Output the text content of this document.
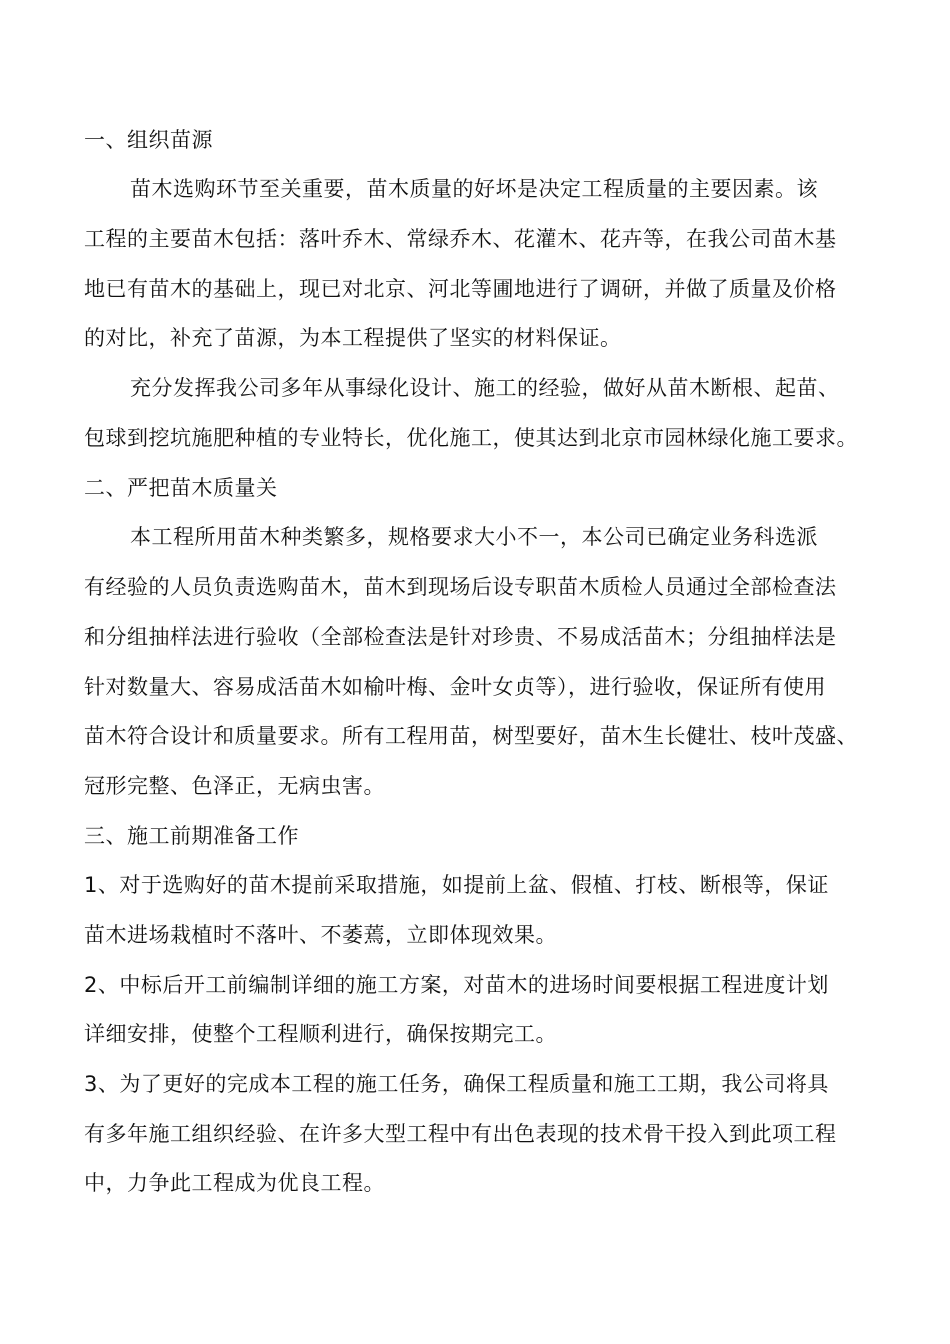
一、组织苗源
苗木选购环节至关重要，苗木质量的好坏是决定工程质量的主要因素。该
工程的主要苗木包括：落叶乔木、常绿乔木、花灌木、花卉等，在我公司苗木基
地已有苗木的基础上，现已对北京、河北等圃地进行了调研，并做了质量及价格
的对比，补充了苗源，为本工程提供了坚实的材料保证。
充分发挥我公司多年从事绿化设计、施工的经验，做好从苗木断根、起苗、
包球到挖坑施肥种植的专业特长，优化施工，使其达到北京市园林绿化施工要求。
二、严把苗木质量关
本工程所用苗木种类繁多，规格要求大小不一，本公司已确定业务科选派
有经验的人员负责选购苗木，苗木到现场后设专职苗木质检人员通过全部检查法
和分组抽样法进行验收（全部检查法是针对珍贵、不易成活苗木；分组抽样法是
针对数量大、容易成活苗木如榆叶梅、金叶女贞等），进行验收，保证所有使用
苗木符合设计和质量要求。所有工程用苗，树型要好，苗木生长健壮、枝叶茂盛、
冠形完整、色泽正，无病虫害。
三、施工前期准备工作
1、对于选购好的苗木提前采取措施，如提前上盆、假植、打枝、断根等，保证
苗木进场栽植时不落叶、不萎蔫，立即体现效果。
2、中标后开工前编制详细的施工方案，对苗木的进场时间要根据工程进度计划
详细安排，使整个工程顺利进行，确保按期完工。
3、为了更好的完成本工程的施工任务，确保工程质量和施工工期，我公司将具
有多年施工组织经验、在许多大型工程中有出色表现的技术骨干投入到此项工程
中，力争此工程成为优良工程。
